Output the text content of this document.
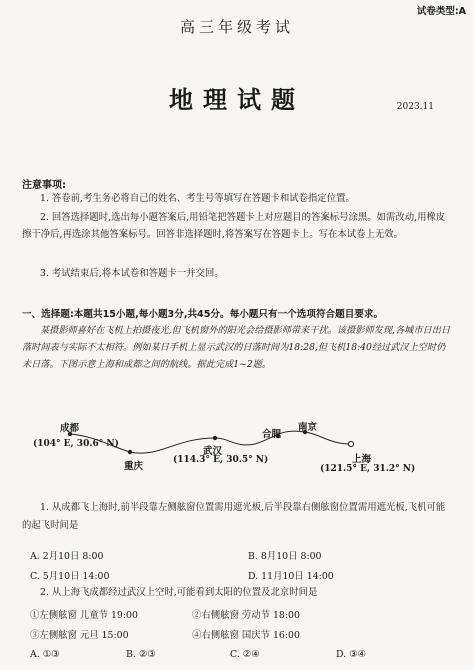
试卷类型:A
高三年级考试
地理试题	2023.11
注意事项:
1. 答卷前,考生务必将自己的姓名、考生号等填写在答题卡和试卷指定位置。
2. 回答选择题时,选出每小题答案后,用铅笔把答题卡上对应题目的答案标号涂黑。如需改动,用橡皮擦干净后,再选涂其他答案标号。回答非选择题时,将答案写在答题卡上。写在本试卷上无效。
3. 考试结束后,将本试卷和答题卡一并交回。
一、选择题:本题共15小题,每小题3分,共45分。每小题只有一个选项符合题目要求。
某摄影师喜好在飞机上拍摄夜光,但飞机窗外的阳光会给摄影师带来干扰。该摄影师发现,各城市日出日落时间表与实际不太相符。例如某日手机上显示武汉的日落时间为18:28,但飞机18:40经过武汉上空时仍未日落。下图示意上海和成都之间的航线。据此完成1~2题。
成都
(104° E, 30.6° N)
重庆
武汉
(114.3° E, 30.5° N)
合肥
南京
上海
(121.5° E, 31.2° N)
1. 从成都飞上海时,前半段靠左侧舷窗位置需用遮光板,后半段靠右侧舷窗位置需用遮光板,飞机可能的起飞时间是
A. 2月10日 8:00	B. 8月10日 8:00
C. 5月10日 14:00	D. 11月10日 14:00
2. 从上海飞成都经过武汉上空时,可能看到太阳的位置及北京时间是
①左侧舷窗 儿童节 19:00	②右侧舷窗 劳动节 18:00
③左侧舷窗 元旦 15:00	④右侧舷窗 国庆节 16:00
A. ①③	B. ②③	C. ②④	D. ③④
